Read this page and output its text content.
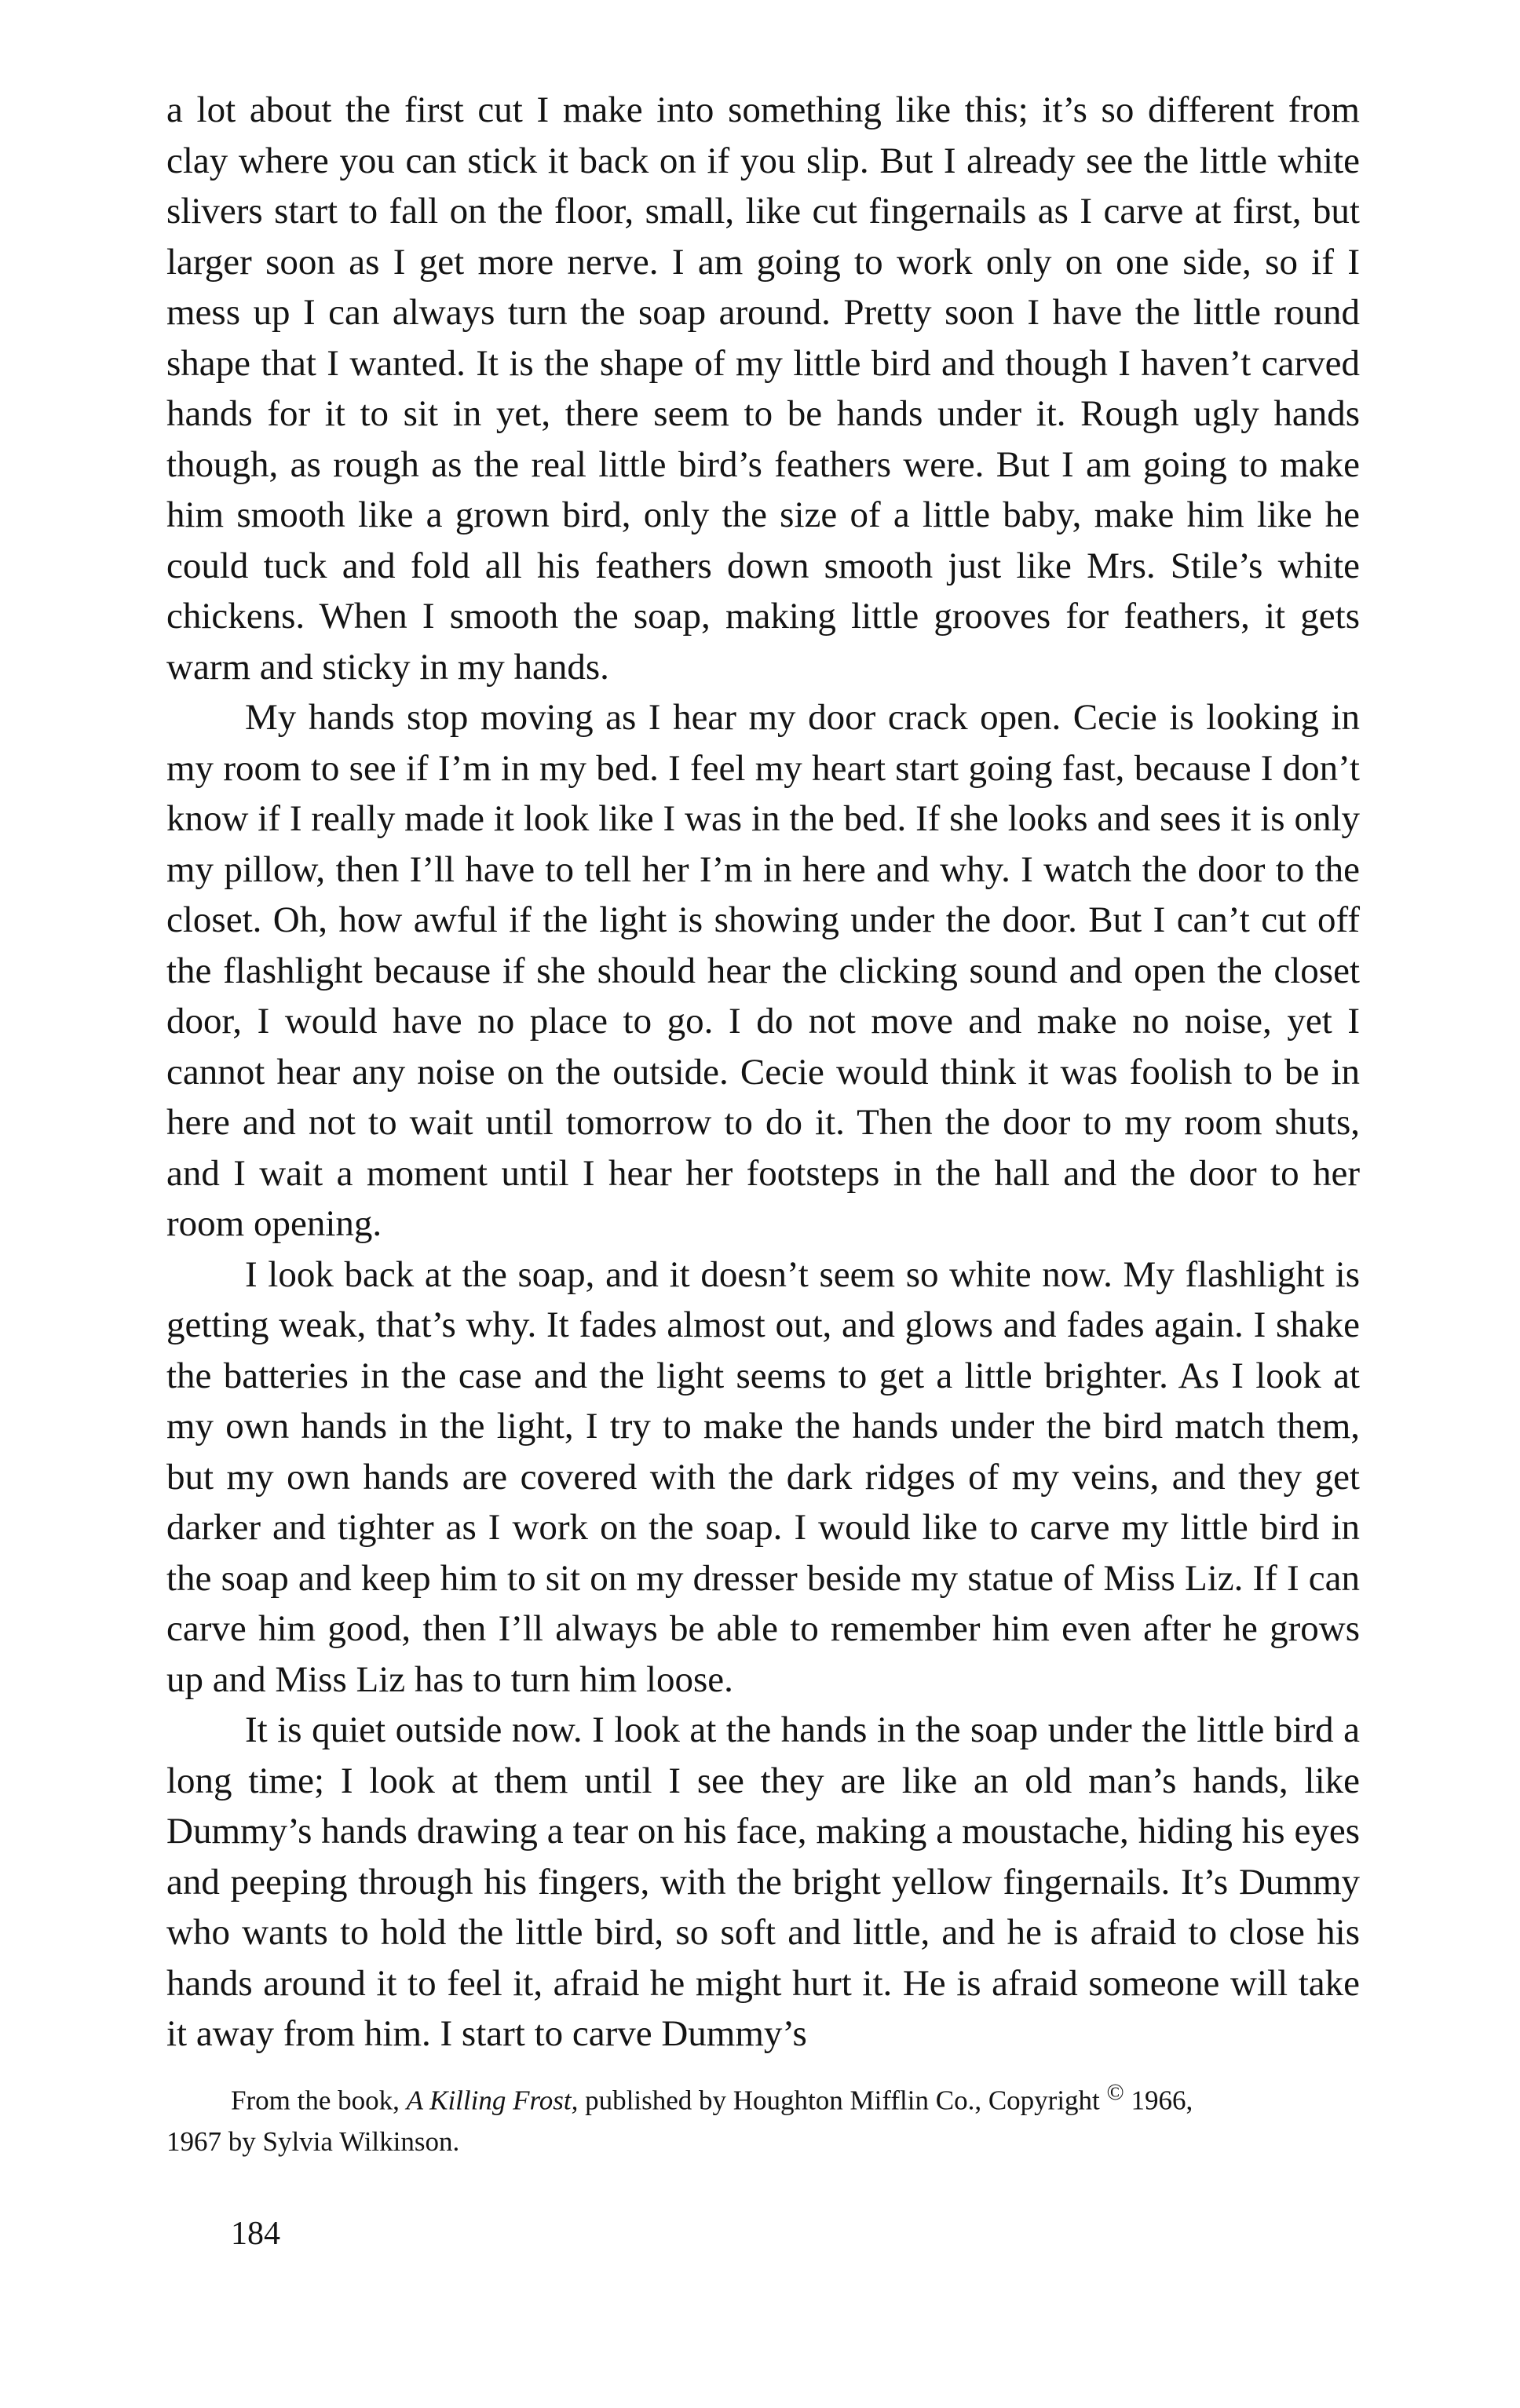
a lot about the first cut I make into something like this; it’s so different from clay where you can stick it back on if you slip. But I already see the little white slivers start to fall on the floor, small, like cut fingernails as I carve at first, but larger soon as I get more nerve. I am going to work only on one side, so if I mess up I can always turn the soap around. Pretty soon I have the little round shape that I wanted. It is the shape of my little bird and though I haven’t carved hands for it to sit in yet, there seem to be hands under it. Rough ugly hands though, as rough as the real little bird’s feathers were. But I am going to make him smooth like a grown bird, only the size of a little baby, make him like he could tuck and fold all his feathers down smooth just like Mrs. Stile’s white chickens. When I smooth the soap, making little grooves for feathers, it gets warm and sticky in my hands.

My hands stop moving as I hear my door crack open. Cecie is looking in my room to see if I’m in my bed. I feel my heart start going fast, because I don’t know if I really made it look like I was in the bed. If she looks and sees it is only my pillow, then I’ll have to tell her I’m in here and why. I watch the door to the closet. Oh, how awful if the light is showing under the door. But I can’t cut off the flashlight because if she should hear the clicking sound and open the closet door, I would have no place to go. I do not move and make no noise, yet I cannot hear any noise on the outside. Cecie would think it was foolish to be in here and not to wait until tomorrow to do it. Then the door to my room shuts, and I wait a moment until I hear her footsteps in the hall and the door to her room opening.

I look back at the soap, and it doesn’t seem so white now. My flashlight is getting weak, that’s why. It fades almost out, and glows and fades again. I shake the batteries in the case and the light seems to get a little brighter. As I look at my own hands in the light, I try to make the hands under the bird match them, but my own hands are covered with the dark ridges of my veins, and they get darker and tighter as I work on the soap. I would like to carve my little bird in the soap and keep him to sit on my dresser beside my statue of Miss Liz. If I can carve him good, then I’ll always be able to remember him even after he grows up and Miss Liz has to turn him loose.

It is quiet outside now. I look at the hands in the soap under the little bird a long time; I look at them until I see they are like an old man’s hands, like Dummy’s hands drawing a tear on his face, making a moustache, hiding his eyes and peeping through his fingers, with the bright yellow fingernails. It’s Dummy who wants to hold the little bird, so soft and little, and he is afraid to close his hands around it to feel it, afraid he might hurt it. He is afraid someone will take it away from him. I start to carve Dummy’s

From the book, A Killing Frost, published by Houghton Mifflin Co., Copyright © 1966,
1967 by Sylvia Wilkinson.

184
